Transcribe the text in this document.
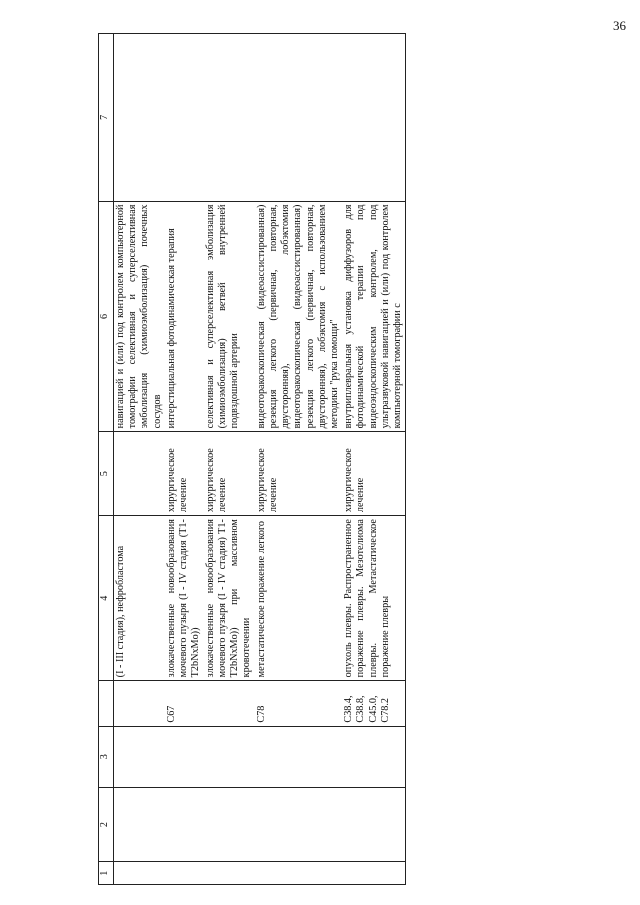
36
1	2	3		4	5	6	7
				(I - III стадия), нефробластома		навигацией и (или) под контролем компьютерной томографии селективная и суперселективная эмболизация (химиоэмболизация) почечных сосудов	
			C67	злокачественные новообразования мочевого пузыря (I - IV стадия (T1-T2bNxMo))	хирургическое лечение	интерстициальная фотодинамическая терапия	
				злокачественные новообразования мочевого пузыря (I - IV стадия) T1-T2bNxMo)) при массивном кровотечении	хирургическое лечение	селективная и суперселективная эмболизация (химиоэмболизация) ветвей внутренней подвздошной артерии	
			C78	метастатическое поражение легкого	хирургическое лечение	видеоторакоскопическая (видеоассистированная) резекция легкого (первичная, повторная, двусторонняя), лобэктомия видеоторакоскопическая (видеоассистированная) резекция легкого (первичная, повторная, двусторонняя), лобэктомия с использованием методики "рука помощи"	
			C38.4,
C38.8,
C45.0,
C78.2	опухоль плевры. Распространенное поражение плевры. Мезотелиома плевры. Метастатическое поражение плевры	хирургическое лечение	внутриплевральная установка диффузоров для фотодинамической терапии под видеоэндоскопическим контролем, под ультразвуковой навигацией и (или) под контролем компьютерной томографии с	
